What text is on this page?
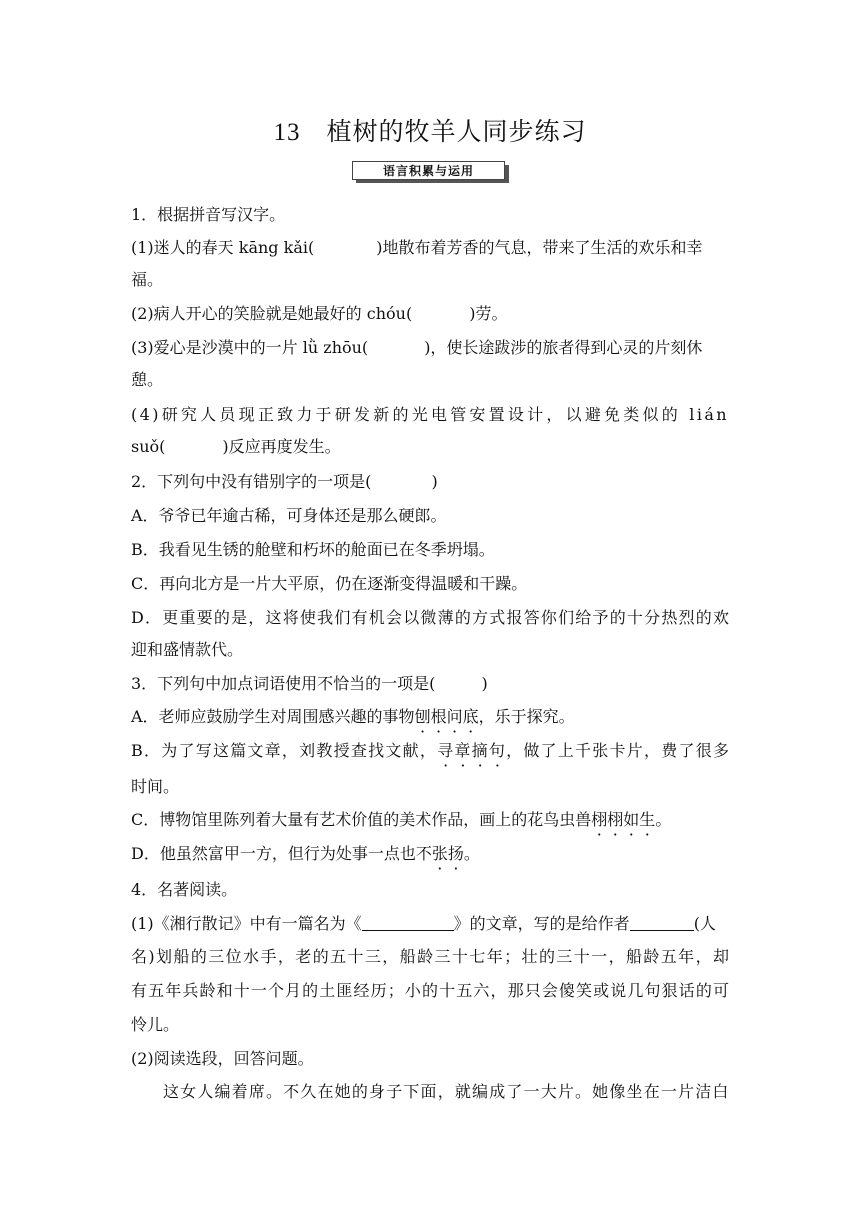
13 植树的牧羊人同步练习
语言积累与运用
1．根据拼音写汉字。
(1)迷人的春天 kāng kǎi(	)地散布着芳香的气息，带来了生活的欢乐和幸
福。
(2)病人开心的笑脸就是她最好的 chóu(	)劳。
(3)爱心是沙漠中的一片 lǜ zhōu(	)，使长途跋涉的旅者得到心灵的片刻休
憩。
(4)研究人员现正致力于研发新的光电管安置设计，以避免类似的 lián
suǒ(	)反应再度发生。
2．下列句中没有错别字的一项是(	)
A．爷爷已年逾古稀，可身体还是那么硬郎。
B．我看见生锈的舱壁和朽坏的舱面已在冬季坍塌。
C．再向北方是一片大平原，仍在逐渐变得温暖和干躁。
D．更重要的是，这将使我们有机会以微薄的方式报答你们给予的十分热烈的欢
迎和盛情款代。
3．下列句中加点词语使用不恰当的一项是(	)
A．老师应鼓励学生对周围感兴趣的事物刨根问底，乐于探究。
B．为了写这篇文章，刘教授查找文献，寻章摘句，做了上千张卡片，费了很多
时间。
C．博物馆里陈列着大量有艺术价值的美术作品，画上的花鸟虫兽栩栩如生。
D．他虽然富甲一方，但行为处事一点也不张扬。
4．名著阅读。
(1)《湘行散记》中有一篇名为《	》的文章，写的是给作者	(人
名)划船的三位水手，老的五十三，船龄三十七年；壮的三十一，船龄五年，却
有五年兵龄和十一个月的土匪经历；小的十五六，那只会傻笑或说几句狠话的可
怜儿。
(2)阅读选段，回答问题。
这女人编着席。不久在她的身子下面，就编成了一大片。她像坐在一片洁白
